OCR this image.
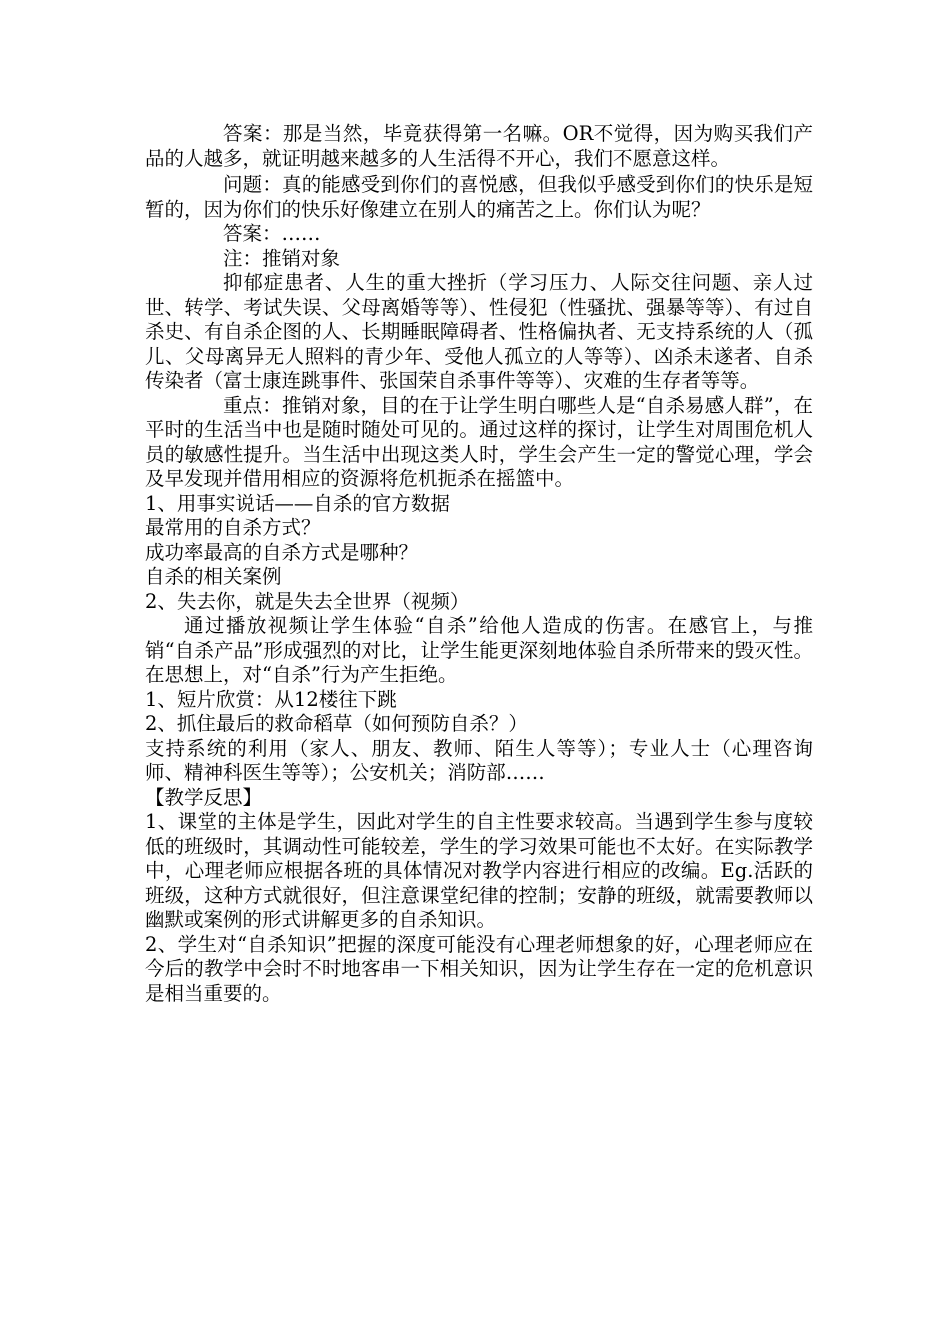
答案：那是当然，毕竟获得第一名嘛。OR不觉得，因为购买我们产品的人越多，就证明越来越多的人生活得不开心，我们不愿意这样。

问题：真的能感受到你们的喜悦感，但我似乎感受到你们的快乐是短暂的，因为你们的快乐好像建立在别人的痛苦之上。你们认为呢？

答案：……

注：推销对象

抑郁症患者、人生的重大挫折（学习压力、人际交往问题、亲人过世、转学、考试失误、父母离婚等等）、性侵犯（性骚扰、强暴等等）、有过自杀史、有自杀企图的人、长期睡眠障碍者、性格偏执者、无支持系统的人（孤儿、父母离异无人照料的青少年、受他人孤立的人等等）、凶杀未遂者、自杀传染者（富士康连跳事件、张国荣自杀事件等等）、灾难的生存者等等。

重点：推销对象，目的在于让学生明白哪些人是“自杀易感人群”，在平时的生活当中也是随时随处可见的。通过这样的探讨，让学生对周围危机人员的敏感性提升。当生活中出现这类人时，学生会产生一定的警觉心理，学会及早发现并借用相应的资源将危机扼杀在摇篮中。

1、用事实说话——自杀的官方数据

最常用的自杀方式？

成功率最高的自杀方式是哪种？

自杀的相关案例

2、失去你，就是失去全世界（视频）

通过播放视频让学生体验“自杀”给他人造成的伤害。在感官上，与推销“自杀产品”形成强烈的对比，让学生能更深刻地体验自杀所带来的毁灭性。在思想上，对“自杀”行为产生拒绝。

1、短片欣赏：从12楼往下跳

2、抓住最后的救命稻草（如何预防自杀？）

支持系统的利用（家人、朋友、教师、陌生人等等）；专业人士（心理咨询师、精神科医生等等）；公安机关；消防部……

【教学反思】

1、课堂的主体是学生，因此对学生的自主性要求较高。当遇到学生参与度较低的班级时，其调动性可能较差，学生的学习效果可能也不太好。在实际教学中，心理老师应根据各班的具体情况对教学内容进行相应的改编。Eg.活跃的班级，这种方式就很好，但注意课堂纪律的控制；安静的班级，就需要教师以幽默或案例的形式讲解更多的自杀知识。

2、学生对“自杀知识”把握的深度可能没有心理老师想象的好，心理老师应在今后的教学中会时不时地客串一下相关知识，因为让学生存在一定的危机意识是相当重要的。
